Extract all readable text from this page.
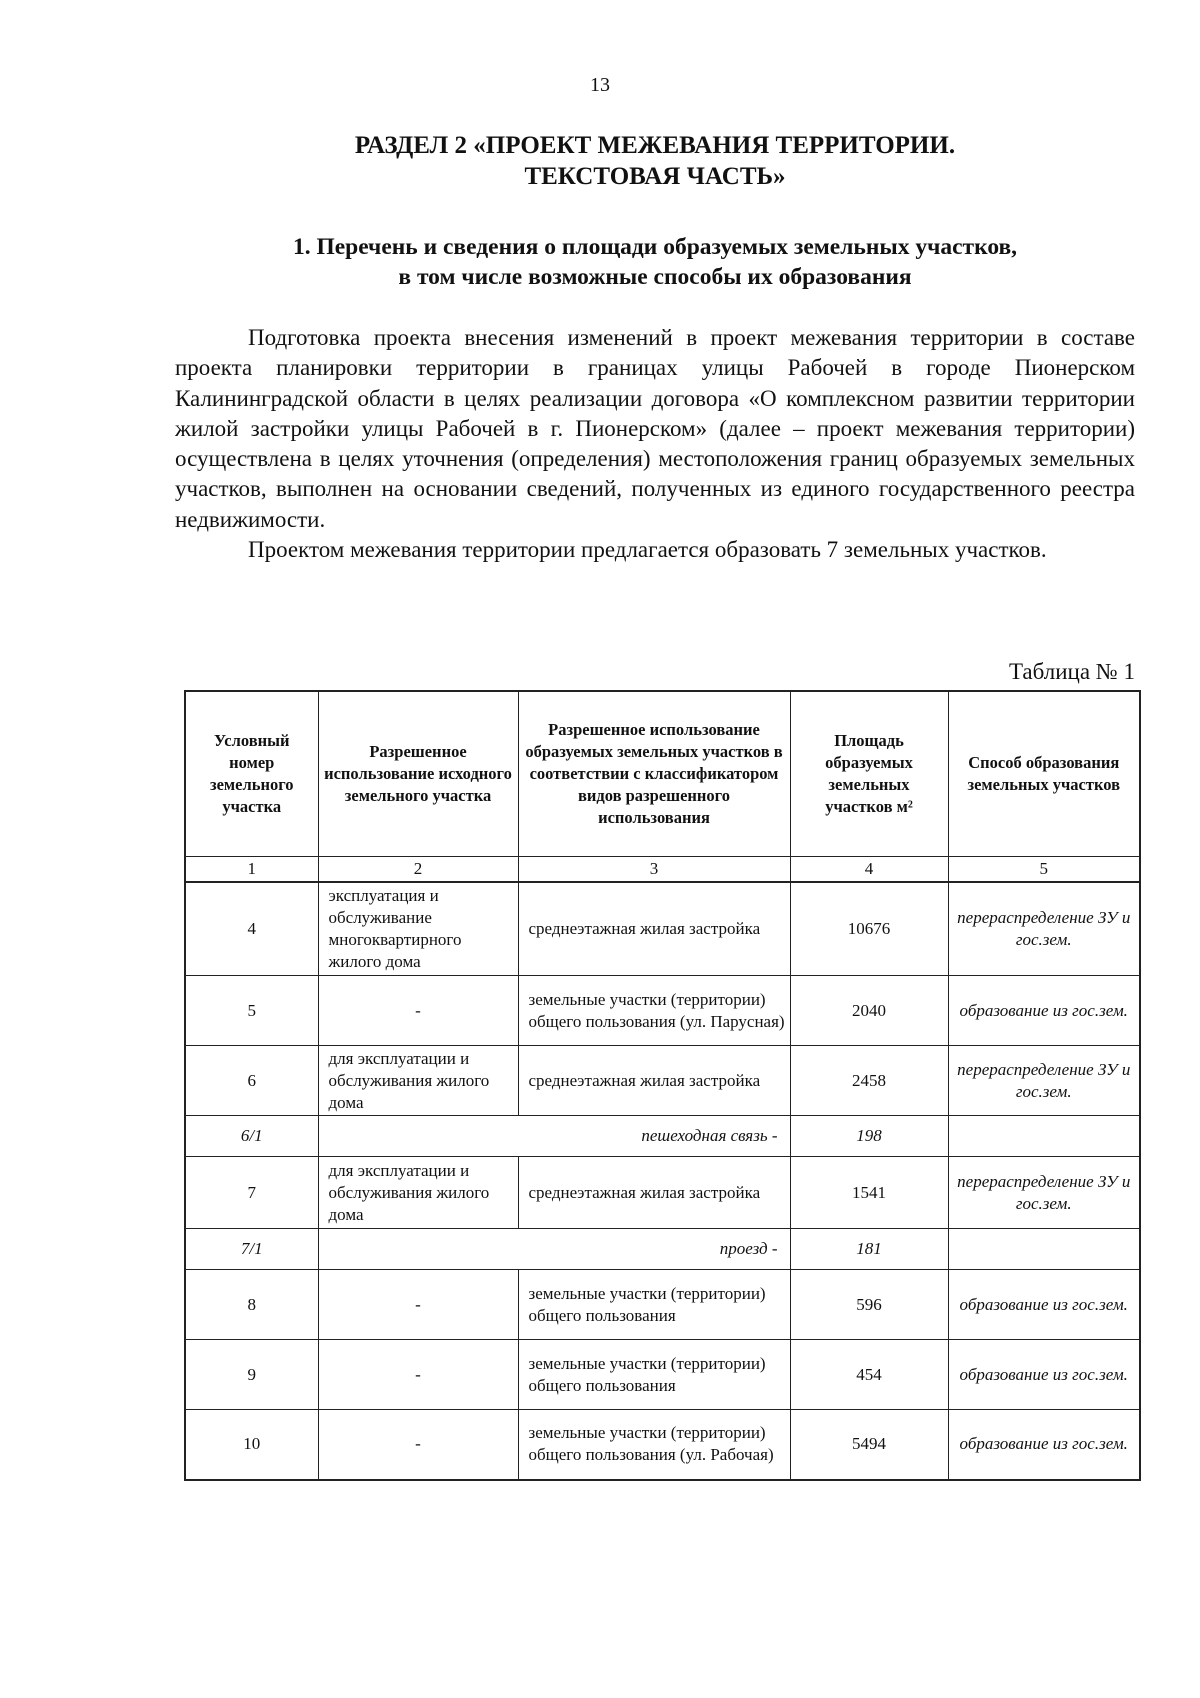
13
РАЗДЕЛ 2 «ПРОЕКТ МЕЖЕВАНИЯ ТЕРРИТОРИИ.
ТЕКСТОВАЯ ЧАСТЬ»
1. Перечень и сведения о площади образуемых земельных участков,
в том числе возможные способы их образования

Подготовка проекта внесения изменений в проект межевания территории в составе проекта планировки территории в границах улицы Рабочей в городе Пионерском Калининградской области в целях реализации договора «О комплексном развитии территории жилой застройки улицы Рабочей в г. Пионерском» (далее – проект межевания территории) осуществлена в целях уточнения (определения) местоположения границ образуемых земельных участков, выполнен на основании сведений, полученных из единого государственного реестра недвижимости.

Проектом межевания территории предлагается образовать 7 земельных участков.

Таблица № 1
Условный номер земельного участка	Разрешенное использование исходного земельного участка	Разрешенное использование образуемых земельных участков в соответствии с классификатором видов разрешенного использования	Площадь образуемых земельных участков м²	Способ образования земельных участков
1	2	3	4	5
4	эксплуатация и обслуживание многоквартирного жилого дома	среднеэтажная жилая застройка	10676	перераспределение ЗУ и гос.зем.
5	-	земельные участки (территории) общего пользования (ул. Парусная)	2040	образование из гос.зем.
6	для эксплуатации и обслуживания жилого дома	среднеэтажная жилая застройка	2458	перераспределение ЗУ и гос.зем.
6/1	пешеходная связь -		198	
7	для эксплуатации и обслуживания жилого дома	среднеэтажная жилая застройка	1541	перераспределение ЗУ и гос.зем.
7/1	проезд -		181	
8	-	земельные участки (территории) общего пользования	596	образование из гос.зем.
9	-	земельные участки (территории) общего пользования	454	образование из гос.зем.
10	-	земельные участки (территории) общего пользования (ул. Рабочая)	5494	образование из гос.зем.
